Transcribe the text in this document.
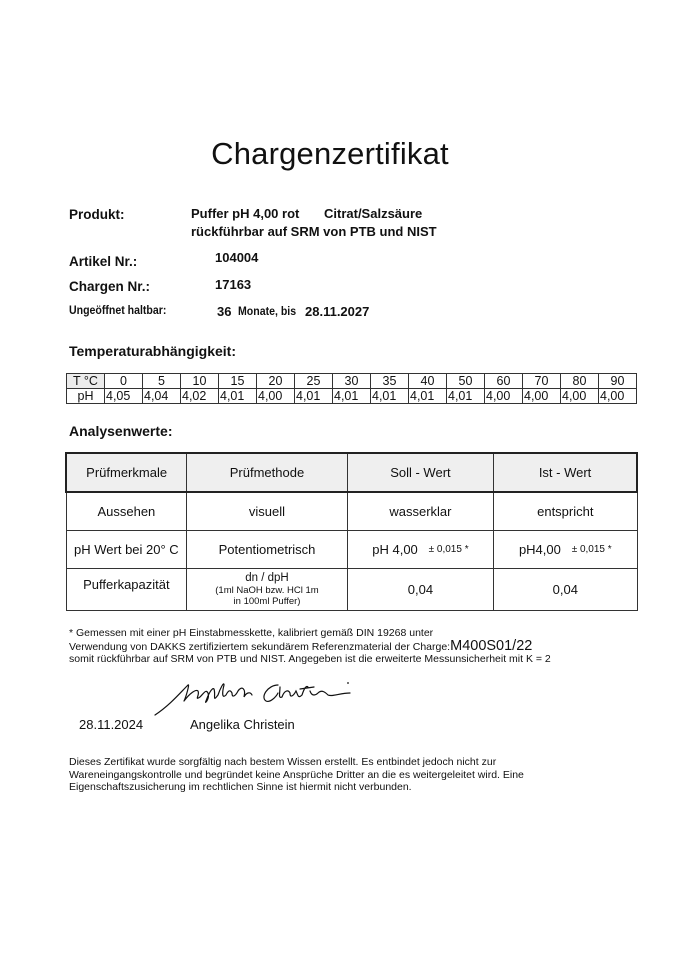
Chargenzertifikat
Produkt:	Puffer pH 4,00 rot Citrat/Salzsäure
rückführbar auf SRM von PTB und NIST
Artikel Nr.:	104004
Chargen Nr.:	17163
Ungeöffnet haltbar:	36 Monate, bis 28.11.2027
Temperaturabhängigkeit:
T °C	0	5	10	15	20	25	30	35	40	50	60	70	80	90
pH	4,05	4,04	4,02	4,01	4,00	4,01	4,01	4,01	4,01	4,01	4,00	4,00	4,00	4,00
Analysenwerte:
Prüfmerkmale	Prüfmethode	Soll - Wert	Ist - Wert
Aussehen	visuell	wasserklar	entspricht
pH Wert bei 20° C	Potentiometrisch	pH 4,00 ± 0,015 *	pH4,00 ± 0,015 *
Pufferkapazität	dn / dpH
(1ml NaOH bzw. HCl 1m
in 100ml Puffer)	0,04	0,04
* Gemessen mit einer pH Einstabmesskette, kalibriert gemäß DIN 19268 unter
Verwendung von DAKKS zertifiziertem sekundärem Referenzmaterial der Charge:M400S01/22
somit rückführbar auf SRM von PTB und NIST. Angegeben ist die erweiterte Messunsicherheit mit K = 2
28.11.2024	Angelika Christein
Dieses Zertifikat wurde sorgfältig nach bestem Wissen erstellt. Es entbindet jedoch nicht zur
Wareneingangskontrolle und begründet keine Ansprüche Dritter an die es weitergeleitet wird. Eine
Eigenschaftszusicherung im rechtlichen Sinne ist hiermit nicht verbunden.
